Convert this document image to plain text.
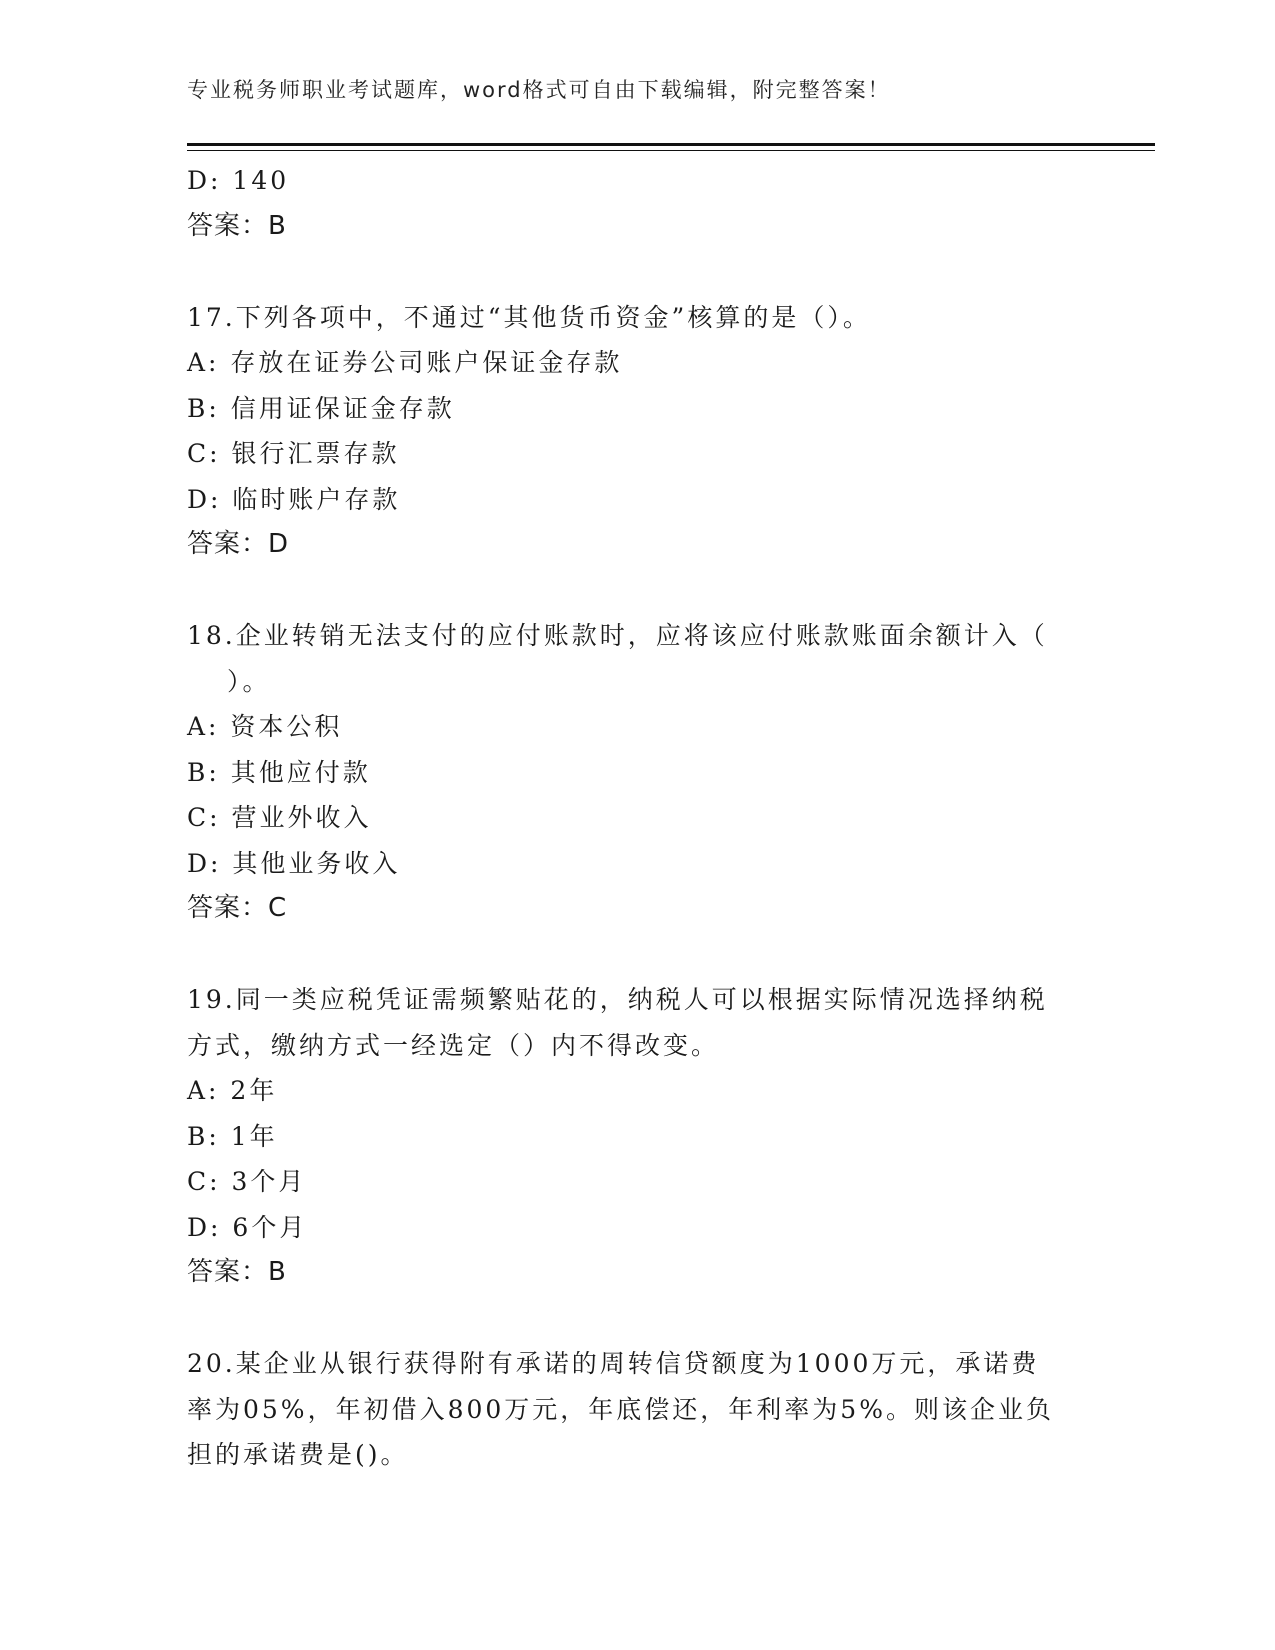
专业税务师职业考试题库，word格式可自由下载编辑，附完整答案！
D: 140
答案：B
17.下列各项中，不通过“其他货币资金”核算的是（）。
A: 存放在证券公司账户保证金存款
B: 信用证保证金存款
C: 银行汇票存款
D: 临时账户存款
答案：D
18.企业转销无法支付的应付账款时，应将该应付账款账面余额计入（
）。
A: 资本公积
B: 其他应付款
C: 营业外收入
D: 其他业务收入
答案：C
19.同一类应税凭证需频繁贴花的，纳税人可以根据实际情况选择纳税
方式，缴纳方式一经选定（）内不得改变。
A: 2年
B: 1年
C: 3个月
D: 6个月
答案：B
20.某企业从银行获得附有承诺的周转信贷额度为1000万元，承诺费
率为05%，年初借入800万元，年底偿还，年利率为5%。则该企业负
担的承诺费是()。
